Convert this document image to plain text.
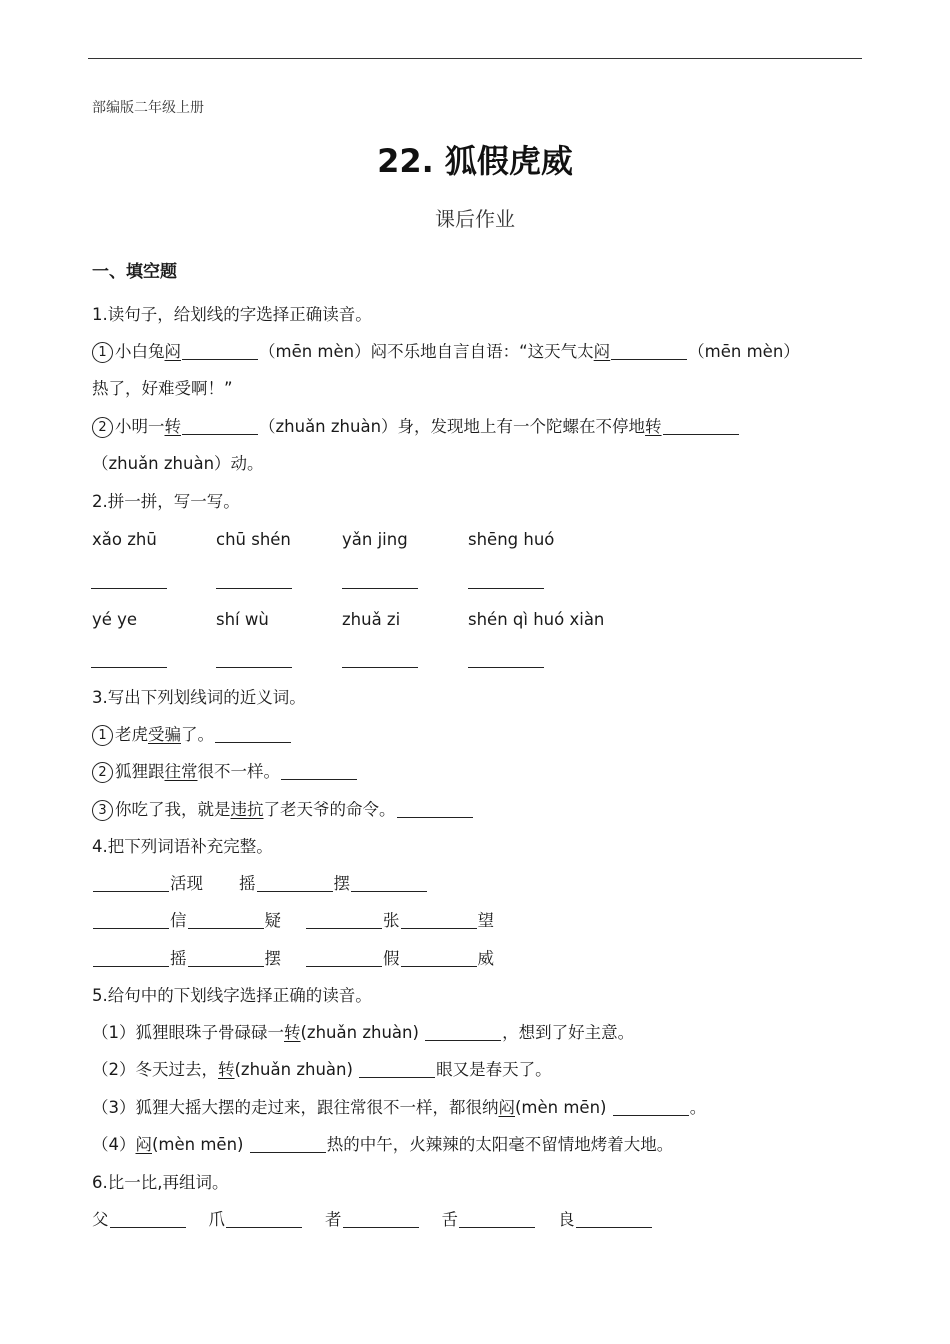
部编版二年级上册
22. 狐假虎威
课后作业
一、填空题
1.读句子，给划线的字选择正确读音。
1 小白兔闷	（mēn mèn）闷不乐地自言自语：“这天气太闷	（mēn mèn）
热了，好难受啊！”
2 小明一转	（zhuǎn zhuàn）身，发现地上有一个陀螺在不停地转
（zhuǎn zhuàn）动。
2.拼一拼，写一写。
xǎo zhū	chū shén	yǎn jing	shēng huó
yé ye	shí wù	zhuǎ zi	shén qì huó xiàn
3.写出下列划线词的近义词。
1 老虎受骗了。
2 狐狸跟往常很不一样。
3 你吃了我，就是违抗了老天爷的命令。
4.把下列词语补充完整。
活现 摇	摆
信	疑	张	望
摇	摆	假	威
5.给句中的下划线字选择正确的读音。
（1）狐狸眼珠子骨碌碌一转(zhuǎn zhuàn)	，想到了好主意。
（2）冬天过去，转(zhuǎn zhuàn)	眼又是春天了。
（3）狐狸大摇大摆的走过来，跟往常很不一样，都很纳闷(mèn mēn)	。
（4）闷(mèn mēn)	热的中午，火辣辣的太阳毫不留情地烤着大地。
6.比一比,再组词。
父	爪	者	舌	良
